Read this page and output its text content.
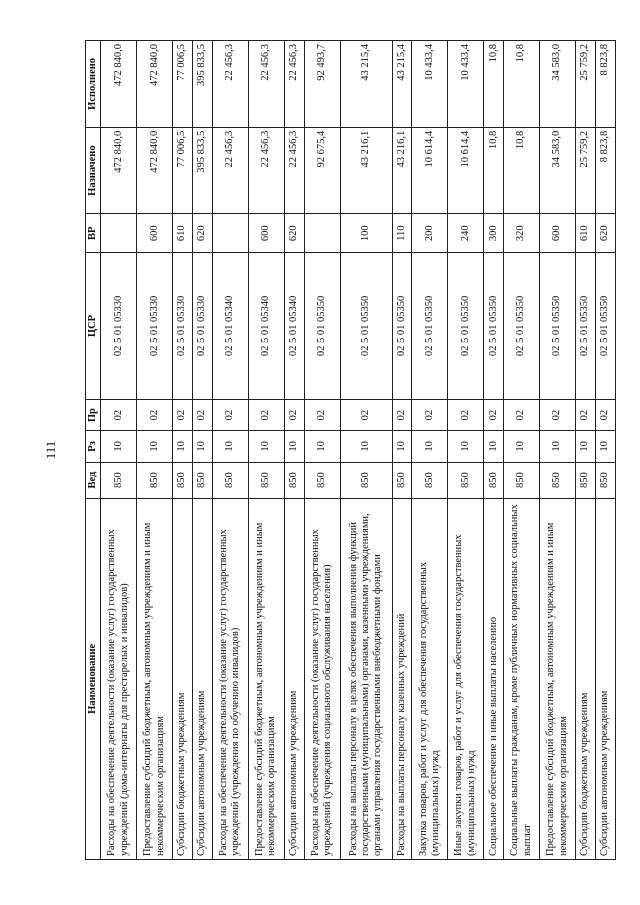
111
Наименование	Вед	Рз	Пр	ЦСР	ВР	Назначено	Исполнено
Расходы на обеспечение деятельности (оказание услуг) государственных учреждений (дома-интернаты для престарелых и инвалидов)	850	10	02	02 5 01 05330		472 840,0	472 840,0
Предоставление субсидий бюджетным, автономным учреждениям и иным некоммерческим организациям	850	10	02	02 5 01 05330	600	472 840,0	472 840,0
Субсидии бюджетным учреждениям	850	10	02	02 5 01 05330	610	77 006,5	77 006,5
Субсидии автономным учреждениям	850	10	02	02 5 01 05330	620	395 833,5	395 833,5
Расходы на обеспечение деятельности (оказание услуг) государственных учреждений (учреждения по обучению инвалидов)	850	10	02	02 5 01 05340		22 456,3	22 456,3
Предоставление субсидий бюджетным, автономным учреждениям и иным некоммерческим организациям	850	10	02	02 5 01 05340	600	22 456,3	22 456,3
Субсидии автономным учреждениям	850	10	02	02 5 01 05340	620	22 456,3	22 456,3
Расходы на обеспечение деятельности (оказание услуг) государственных учреждений (учреждения социального обслуживания населения)	850	10	02	02 5 01 05350		92 675,4	92 493,7
Расходы на выплаты персоналу в целях обеспечения выполнения функций государственными (муниципальными) органами, казенными учреждениями, органами управления государственными внебюджетными фондами	850	10	02	02 5 01 05350	100	43 216,1	43 215,4
Расходы на выплаты персоналу казенных учреждений	850	10	02	02 5 01 05350	110	43 216,1	43 215,4
Закупка товаров, работ и услуг для обеспечения государственных (муниципальных) нужд	850	10	02	02 5 01 05350	200	10 614,4	10 433,4
Иные закупки товаров, работ и услуг для обеспечения государственных (муниципальных) нужд	850	10	02	02 5 01 05350	240	10 614,4	10 433,4
Социальное обеспечение и иные выплаты населению	850	10	02	02 5 01 05350	300	10,8	10,8
Социальные выплаты гражданам, кроме публичных нормативных социальных выплат	850	10	02	02 5 01 05350	320	10,8	10,8
Предоставление субсидий бюджетным, автономным учреждениям и иным некоммерческим организациям	850	10	02	02 5 01 05350	600	34 583,0	34 583,0
Субсидии бюджетным учреждениям	850	10	02	02 5 01 05350	610	25 759,2	25 759,2
Субсидии автономным учреждениям	850	10	02	02 5 01 05350	620	8 823,8	8 823,8
